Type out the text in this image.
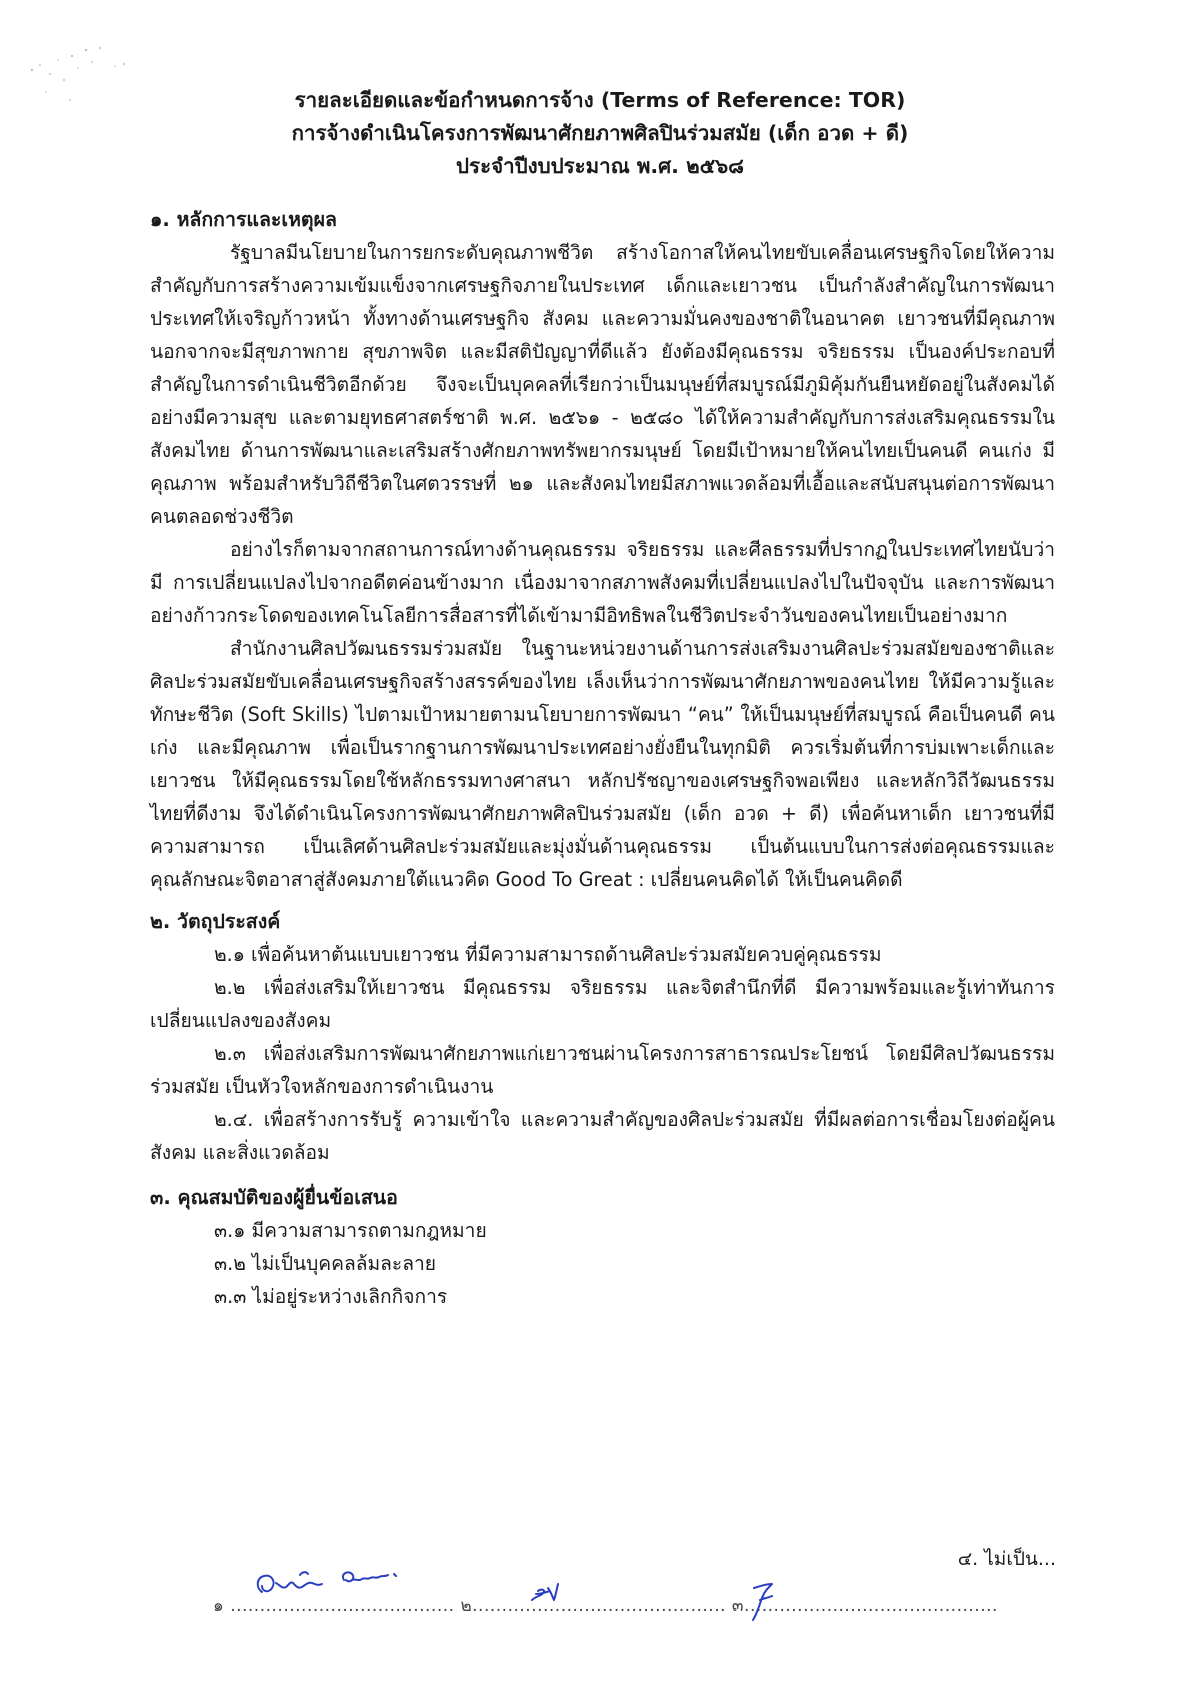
รายละเอียดและข้อกำหนดการจ้าง (Terms of Reference: TOR)
การจ้างดำเนินโครงการพัฒนาศักยภาพศิลปินร่วมสมัย (เด็ก อวด + ดี)
ประจำปีงบประมาณ พ.ศ. ๒๕๖๘
๑. หลักการและเหตุผล

รัฐบาลมีนโยบายในการยกระดับคุณภาพชีวิต สร้างโอกาสให้คนไทยขับเคลื่อนเศรษฐกิจโดยให้ความสำคัญกับการสร้างความเข้มแข็งจากเศรษฐกิจภายในประเทศ เด็กและเยาวชน เป็นกำลังสำคัญในการพัฒนาประเทศให้เจริญก้าวหน้า ทั้งทางด้านเศรษฐกิจ สังคม และความมั่นคงของชาติในอนาคต เยาวชนที่มีคุณภาพ นอกจากจะมีสุขภาพกาย สุขภาพจิต และมีสติปัญญาที่ดีแล้ว ยังต้องมีคุณธรรม จริยธรรม เป็นองค์ประกอบที่สำคัญในการดำเนินชีวิตอีกด้วย จึงจะเป็นบุคคลที่เรียกว่าเป็นมนุษย์ที่สมบูรณ์มีภูมิคุ้มกันยืนหยัดอยู่ในสังคมได้อย่างมีความสุข และตามยุทธศาสตร์ชาติ พ.ศ. ๒๕๖๑ - ๒๕๘๐ ได้ให้ความสำคัญกับการส่งเสริมคุณธรรมในสังคมไทย ด้านการพัฒนาและเสริมสร้างศักยภาพทรัพยากรมนุษย์ โดยมีเป้าหมายให้คนไทยเป็นคนดี คนเก่ง มีคุณภาพ พร้อมสำหรับวิถีชีวิตในศตวรรษที่ ๒๑ และสังคมไทยมีสภาพแวดล้อมที่เอื้อและสนับสนุนต่อการพัฒนาคนตลอดช่วงชีวิต

อย่างไรก็ตามจากสถานการณ์ทางด้านคุณธรรม จริยธรรม และศีลธรรมที่ปรากฏในประเทศไทยนับว่ามี การเปลี่ยนแปลงไปจากอดีตค่อนข้างมาก เนื่องมาจากสภาพสังคมที่เปลี่ยนแปลงไปในปัจจุบัน และการพัฒนาอย่างก้าวกระโดดของเทคโนโลยีการสื่อสารที่ได้เข้ามามีอิทธิพลในชีวิตประจำวันของคนไทยเป็นอย่างมาก

สำนักงานศิลปวัฒนธรรมร่วมสมัย ในฐานะหน่วยงานด้านการส่งเสริมงานศิลปะร่วมสมัยของชาติและศิลปะร่วมสมัยขับเคลื่อนเศรษฐกิจสร้างสรรค์ของไทย เล็งเห็นว่าการพัฒนาศักยภาพของคนไทย ให้มีความรู้และทักษะชีวิต (Soft Skills) ไปตามเป้าหมายตามนโยบายการพัฒนา “คน” ให้เป็นมนุษย์ที่สมบูรณ์ คือเป็นคนดี คนเก่ง และมีคุณภาพ เพื่อเป็นรากฐานการพัฒนาประเทศอย่างยั่งยืนในทุกมิติ ควรเริ่มต้นที่การบ่มเพาะเด็กและเยาวชน ให้มีคุณธรรมโดยใช้หลักธรรมทางศาสนา หลักปรัชญาของเศรษฐกิจพอเพียง และหลักวิถีวัฒนธรรมไทยที่ดีงาม จึงได้ดำเนินโครงการพัฒนาศักยภาพศิลปินร่วมสมัย (เด็ก อวด + ดี) เพื่อค้นหาเด็ก เยาวชนที่มีความสามารถ เป็นเลิศด้านศิลปะร่วมสมัยและมุ่งมั่นด้านคุณธรรม เป็นต้นแบบในการส่งต่อคุณธรรมและคุณลักษณะจิตอาสาสู่สังคมภายใต้แนวคิด Good To Great : เปลี่ยนคนคิดได้ ให้เป็นคนคิดดี

๒. วัตถุประสงค์

๒.๑ เพื่อค้นหาต้นแบบเยาวชน ที่มีความสามารถด้านศิลปะร่วมสมัยควบคู่คุณธรรม

๒.๒ เพื่อส่งเสริมให้เยาวชน มีคุณธรรม จริยธรรม และจิตสำนึกที่ดี มีความพร้อมและรู้เท่าทันการเปลี่ยนแปลงของสังคม

๒.๓ เพื่อส่งเสริมการพัฒนาศักยภาพแก่เยาวชนผ่านโครงการสาธารณประโยชน์ โดยมีศิลปวัฒนธรรมร่วมสมัย เป็นหัวใจหลักของการดำเนินงาน

๒.๔. เพื่อสร้างการรับรู้ ความเข้าใจ และความสำคัญของศิลปะร่วมสมัย ที่มีผลต่อการเชื่อมโยงต่อผู้คน สังคม และสิ่งแวดล้อม

๓. คุณสมบัติของผู้ยื่นข้อเสนอ

๓.๑ มีความสามารถตามกฎหมาย

๓.๒ ไม่เป็นบุคคลล้มละลาย

๓.๓ ไม่อยู่ระหว่างเลิกกิจการ

๔. ไม่เป็น...
๑ ...................................... ๒........................................... ๓...........................................
